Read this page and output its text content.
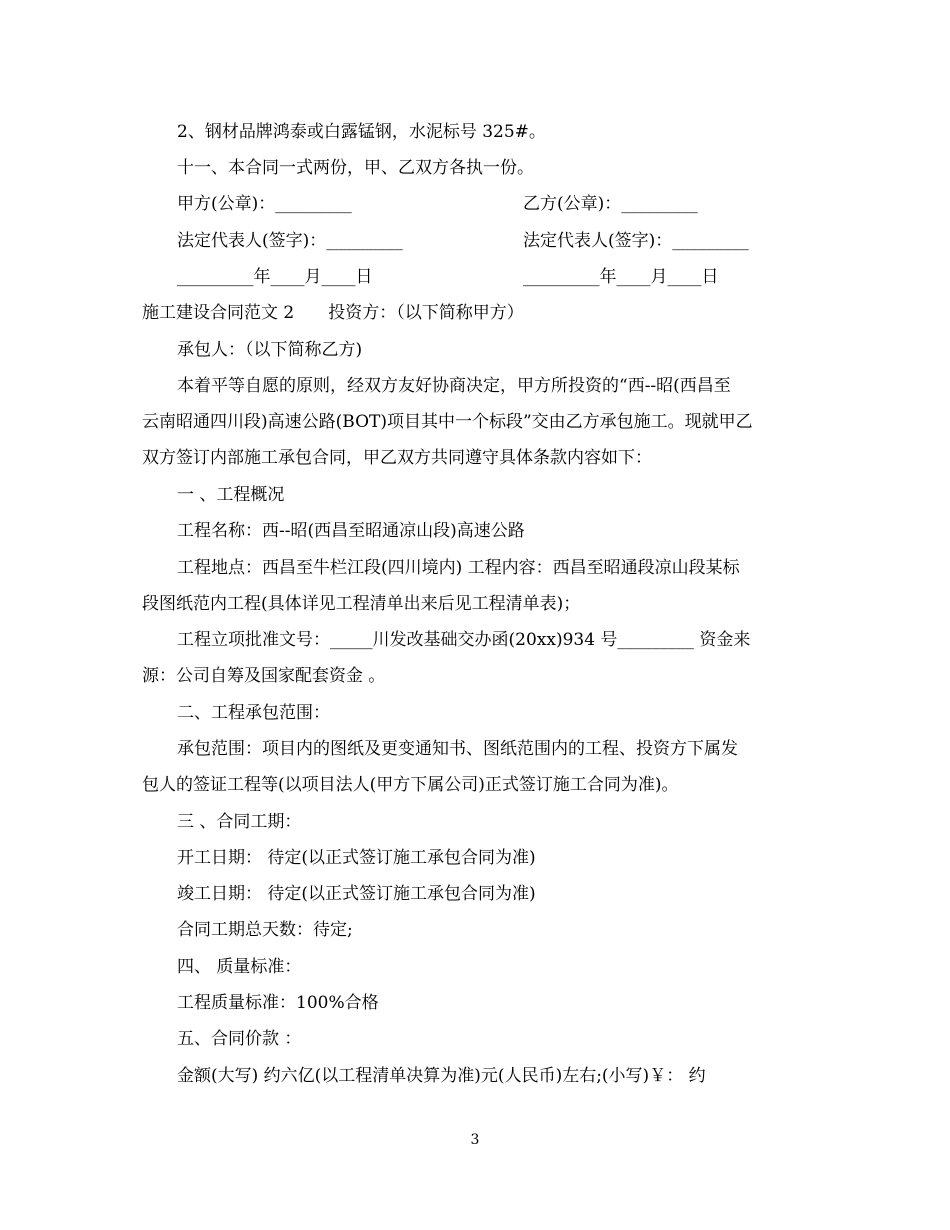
2、钢材品牌鸿泰或白露锰钢，水泥标号 325#。
十一、本合同一式两份，甲、乙双方各执一份。
甲方(公章)：_________	乙方(公章)：_________
法定代表人(签字)：_________	法定代表人(签字)：_________
_________年____月____日	_________年____月____日
施工建设合同范文 2　　投资方：（以下简称甲方）
承包人：（以下简称乙方)
本着平等自愿的原则，经双方友好协商决定，甲方所投资的“西--昭(西昌至
云南昭通四川段)高速公路(BOT)项目其中一个标段”交由乙方承包施工。现就甲乙
双方签订内部施工承包合同，甲乙双方共同遵守具体条款内容如下：
一 、工程概况
工程名称：西--昭(西昌至昭通凉山段)高速公路
工程地点：西昌至牛栏江段(四川境内) 工程内容：西昌至昭通段凉山段某标
段图纸范内工程(具体详见工程清单出来后见工程清单表)；
工程立项批准文号：_____川发改基础交办函(20xx)934 号_________ 资金来
源：公司自筹及国家配套资金 。
二、工程承包范围：
承包范围：项目内的图纸及更变通知书、图纸范围内的工程、投资方下属发
包人的签证工程等(以项目法人(甲方下属公司)正式签订施工合同为准)。
三 、合同工期：
开工日期： 待定(以正式签订施工承包合同为准)
竣工日期： 待定(以正式签订施工承包合同为准)
合同工期总天数：待定;
四、 质量标准：
工程质量标准：100%合格
五、合同价款 ：
金额(大写) 约六亿(以工程清单决算为准)元(人民币)左右;(小写)￥： 约
3
